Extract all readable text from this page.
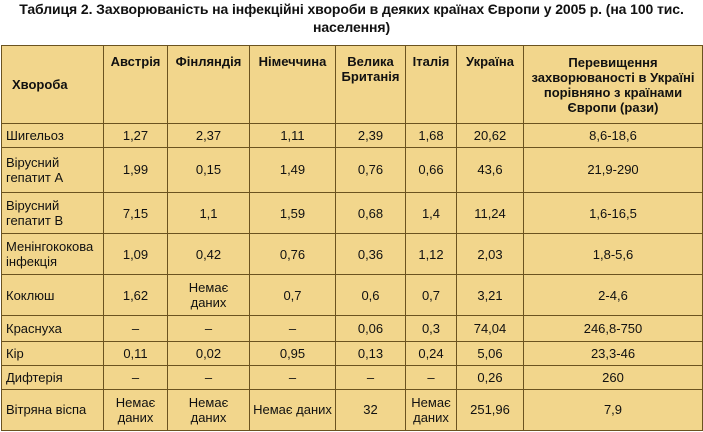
Таблиця 2. Захворюваність на інфекційні хвороби в деяких країнах Європи у 2005 р. (на 100 тис. населення)
Хвороба	Австрія	Фінляндія	Німеччина	Велика Британія	Італія	Україна	Перевищення захворюваності в Україні порівняно з країнами Європи (рази)
Шигельоз	1,27	2,37	1,11	2,39	1,68	20,62	8,6-18,6
Вірусний гепатит А	1,99	0,15	1,49	0,76	0,66	43,6	21,9-290
Вірусний гепатит В	7,15	1,1	1,59	0,68	1,4	11,24	1,6-16,5
Менінгококова інфекція	1,09	0,42	0,76	0,36	1,12	2,03	1,8-5,6
Коклюш	1,62	Немає даних	0,7	0,6	0,7	3,21	2-4,6
Краснуха	–	–	–	0,06	0,3	74,04	246,8-750
Кір	0,11	0,02	0,95	0,13	0,24	5,06	23,3-46
Дифтерія	–	–	–	–	–	0,26	260
Вітряна віспа	Немає даних	Немає даних	Немає даних	32	Немає даних	251,96	7,9
